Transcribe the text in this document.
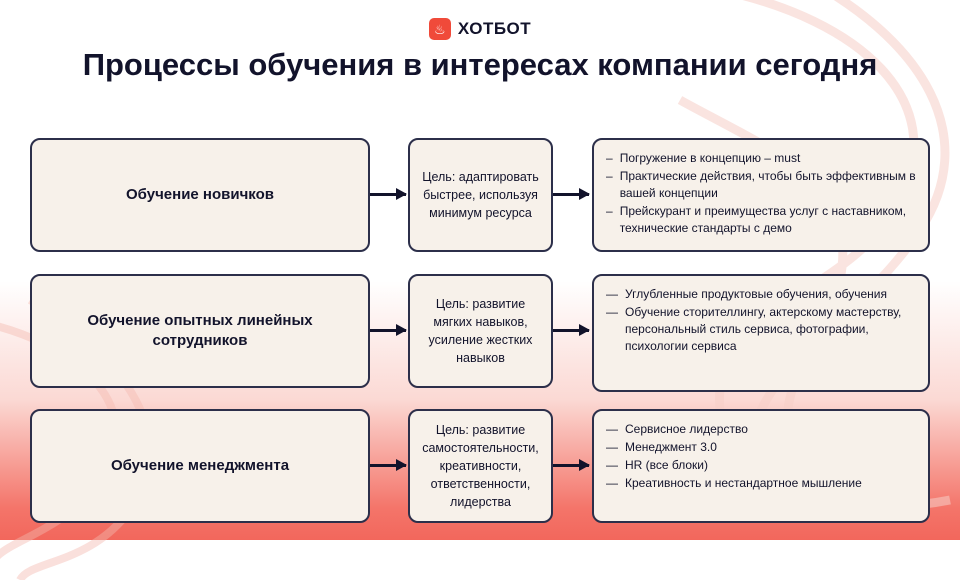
♨ ХОТБОТ
Процессы обучения в интересах компании сегодня
Обучение новичков
Цель: адаптировать быстрее, используя минимум ресурса
– Погружение в концепцию – must
– Практические действия, чтобы быть эффективным в вашей концепции
– Прейскурант и преимущества услуг с наставником, технические стандарты с демо
Обучение опытных линейных сотрудников
Цель: развитие мягких навыков, усиление жестких навыков
— Углубленные продуктовые обучения, обучения
— Обучение сторителлингу, актерскому мастерству, персональный стиль сервиса, фотографии, психологии сервиса
Обучение менеджмента
Цель: развитие самостоятельности, креативности, ответственности, лидерства
— Сервисное лидерство
— Менеджмент 3.0
— HR (все блоки)
— Креативность и нестандартное мышление
